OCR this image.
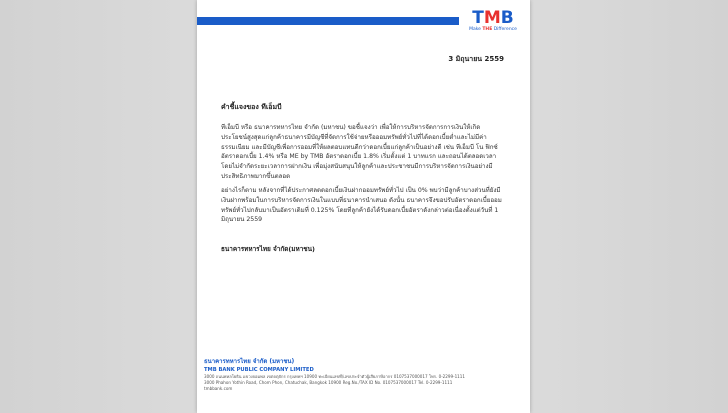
TMB
Make THE Difference
3 มิถุนายน 2559
คำชี้แจงของ ทีเอ็มบี

ทีเอ็มบี หรือ ธนาคารทหารไทย จำกัด (มหาชน) ขอชี้แจงว่า เพื่อให้การบริหารจัดการการเงินให้เกิดประโยชน์สูงสุดแก่ลูกค้าธนาคารมีบัญชีที่จัดการใช้จ่ายหรือออมทรัพย์ทั่วไปที่ได้ดอกเบี้ยต่ำและไม่มีค่าธรรมเนียม และมีบัญชีเพื่อการออมที่ให้ผลตอบแทนดีกว่าดอกเบี้ยแก่ลูกค้าเป็นอย่างดี เช่น ทีเอ็มบี โน ฟิกซ์ อัตราดอกเบี้ย 1.4% หรือ ME by TMB อัตราดอกเบี้ย 1.8% เริ่มตั้งแต่ 1 บาทแรก และถอนได้ตลอดเวลา โดยไม่จำกัดระยะเวลาการฝากเงิน เพื่อมุ่งสนับสนุนให้ลูกค้าและประชาชนมีการบริหารจัดการเงินอย่างมีประสิทธิภาพมากขึ้นตลอด

อย่างไรก็ตาม หลังจากที่ได้ประกาศลดดอกเบี้ยเงินฝากออมทรัพย์ทั่วไป เป็น 0% พบว่ามีลูกค้าบางส่วนที่ยังมีเงินฝากพร้อมในการบริหารจัดการเงินในแบบที่ธนาคารนำเสนอ ดังนั้น ธนาคารจึงขอปรับอัตราดอกเบี้ยออมทรัพย์ทั่วไปกลับมาเป็นอัตราเดิมที่ 0.125% โดยที่ลูกค้ายังได้รับดอกเบี้ยอัตราดังกล่าวต่อเนื่องตั้งแต่วันที่ 1 มิถุนายน 2559

ธนาคารทหารไทย จำกัด(มหาชน)
ธนาคารทหารไทย จำกัด (มหาชน)
TMB BANK PUBLIC COMPANY LIMITED
3000 ถนนพหลโยธิน แขวงจอมพล เขตจตุจักร กรุงเทพฯ 10900 ทะเบียนเลขที่/เลขประจำตัวผู้เสียภาษีอากร 0107537000017 โทร. 0-2299-1111
3000 Phahon Yothin Road, Chom Phon, Chatuchak, Bangkok 10900 Reg.No./TAX ID No. 0107537000017 Tel. 0-2299-1111
tmbbank.com
